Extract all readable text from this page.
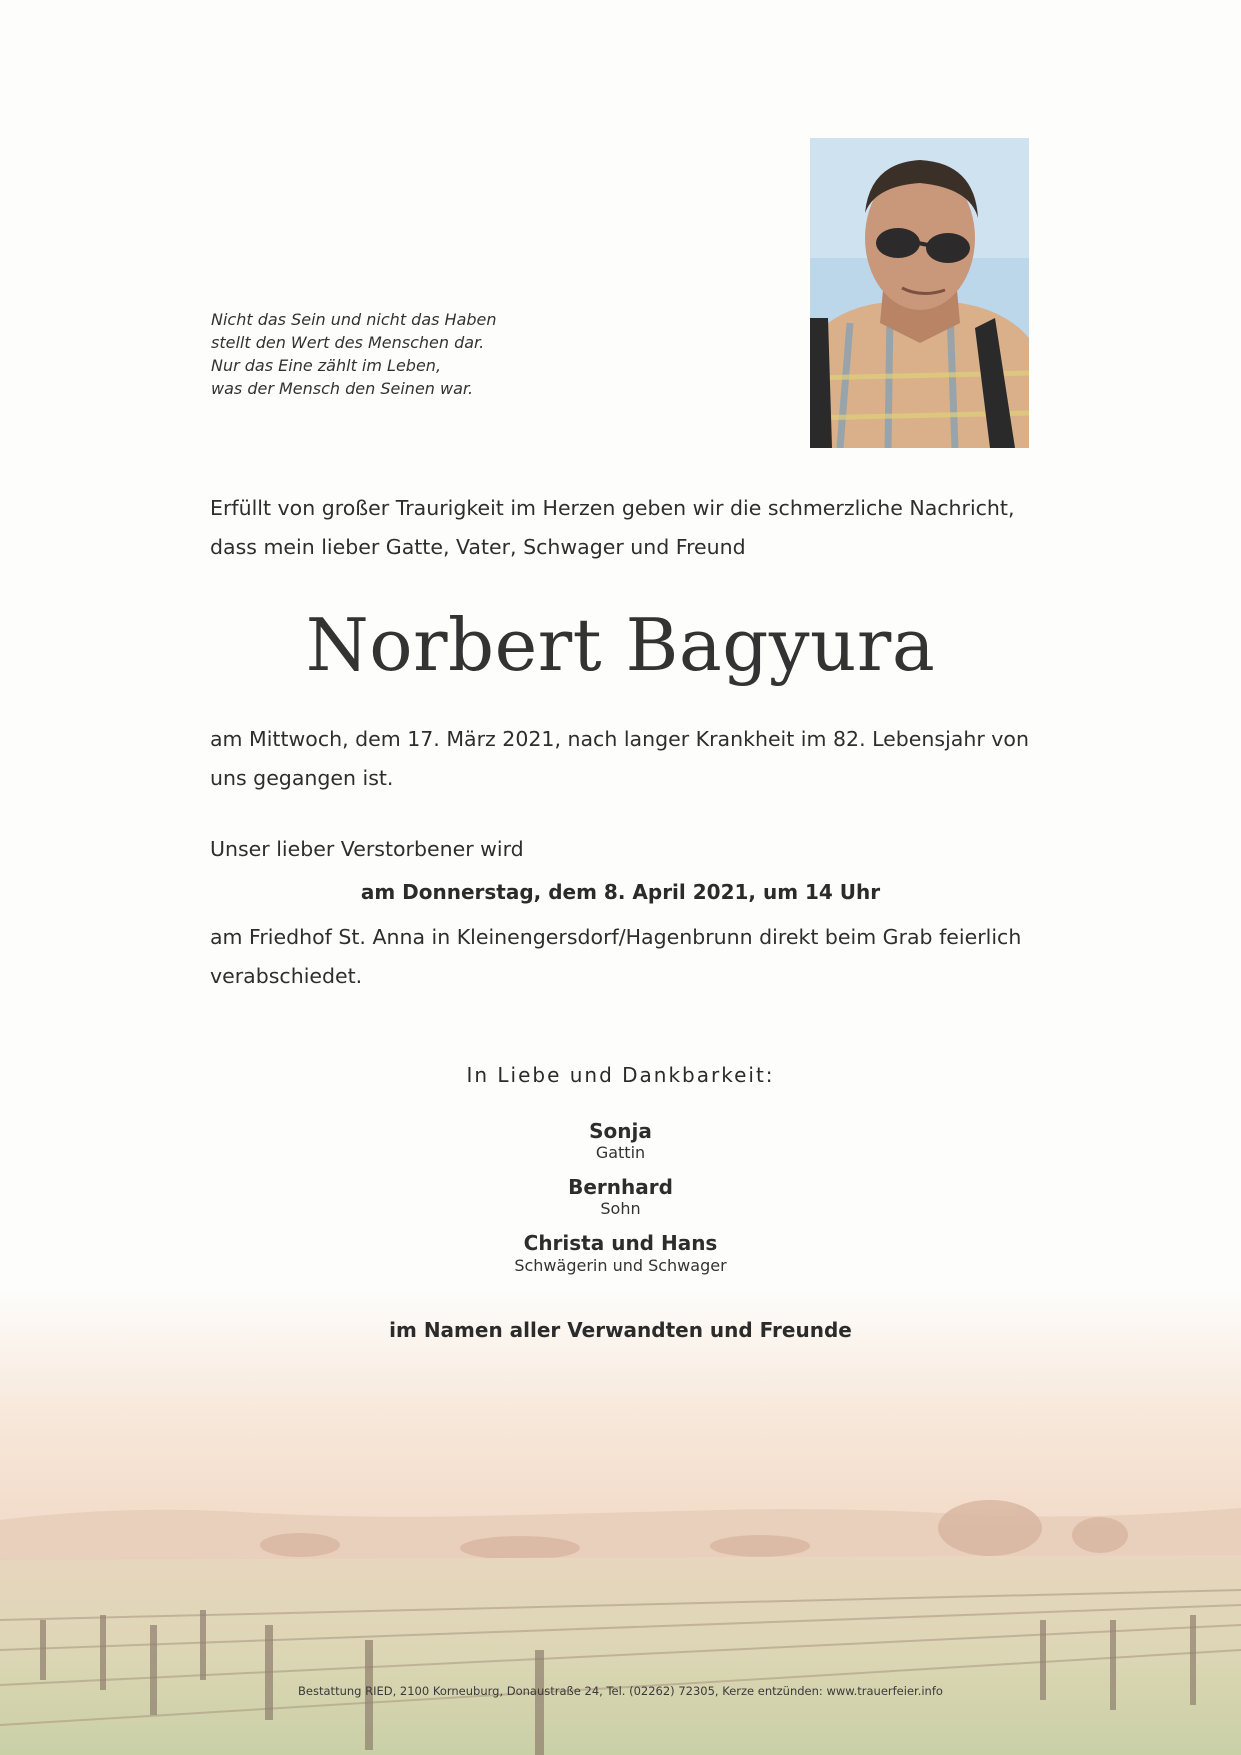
Nicht das Sein und nicht das Haben
stellt den Wert des Menschen dar.
Nur das Eine zählt im Leben,
was der Mensch den Seinen war.
Erfüllt von großer Traurigkeit im Herzen geben wir die schmerzliche Nachricht,
dass mein lieber Gatte, Vater, Schwager und Freund
Norbert Bagyura
am Mittwoch, dem 17. März 2021, nach langer Krankheit im 82. Lebensjahr von
uns gegangen ist.
Unser lieber Verstorbener wird
am Donnerstag, dem 8. April 2021, um 14 Uhr
am Friedhof St. Anna in Kleinengersdorf/Hagenbrunn direkt beim Grab feierlich
verabschiedet.
In Liebe und Dankbarkeit:
Sonja
Gattin
Bernhard
Sohn
Christa und Hans
Schwägerin und Schwager
im Namen aller Verwandten und Freunde
Bestattung RIED, 2100 Korneuburg, Donaustraße 24, Tel. (02262) 72305, Kerze entzünden: www.trauerfeier.info
